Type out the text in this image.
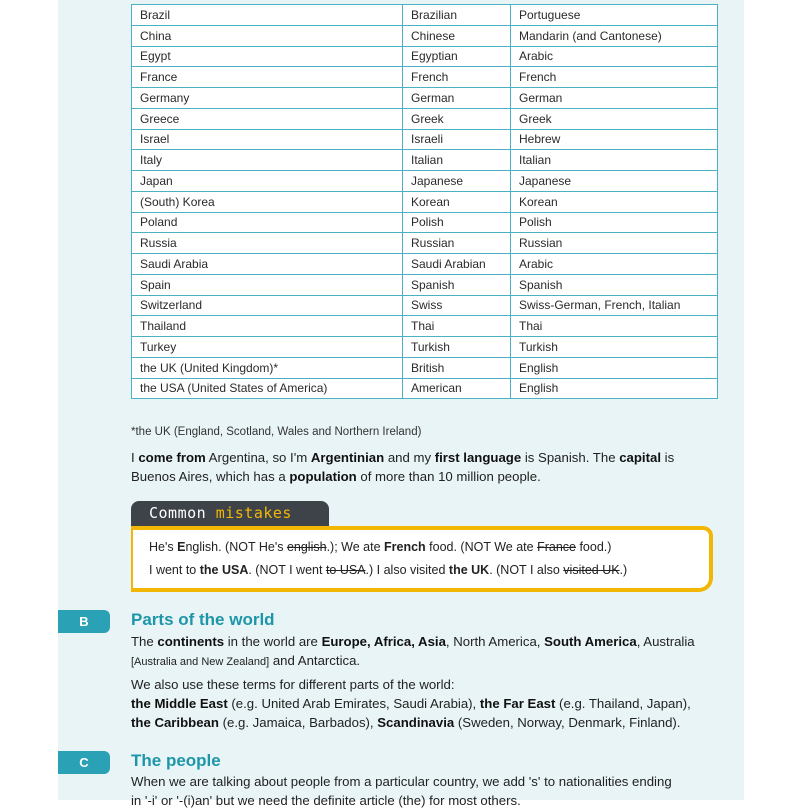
Brazil	Brazilian	Portuguese
China	Chinese	Mandarin (and Cantonese)
Egypt	Egyptian	Arabic
France	French	French
Germany	German	German
Greece	Greek	Greek
Israel	Israeli	Hebrew
Italy	Italian	Italian
Japan	Japanese	Japanese
(South) Korea	Korean	Korean
Poland	Polish	Polish
Russia	Russian	Russian
Saudi Arabia	Saudi Arabian	Arabic
Spain	Spanish	Spanish
Switzerland	Swiss	Swiss-German, French, Italian
Thailand	Thai	Thai
Turkey	Turkish	Turkish
the UK (United Kingdom)*	British	English
the USA (United States of America)	American	English
*the UK (England, Scotland, Wales and Northern Ireland)
I come from Argentina, so I'm Argentinian and my first language is Spanish. The capital is Buenos Aires, which has a population of more than 10 million people.
Common mistakes
He's English. (NOT He's english.); We ate French food. (NOT We ate France food.)
I went to the USA. (NOT I went to USA.) I also visited the UK. (NOT I also visited UK.)
B	Parts of the world
The continents in the world are Europe, Africa, Asia, North America, South America, Australia [Australia and New Zealand] and Antarctica.
We also use these terms for different parts of the world:
the Middle East (e.g. United Arab Emirates, Saudi Arabia), the Far East (e.g. Thailand, Japan), the Caribbean (e.g. Jamaica, Barbados), Scandinavia (Sweden, Norway, Denmark, Finland).
C	The people
When we are talking about people from a particular country, we add 's' to nationalities ending
in '-i' or '-(i)an' but we need the definite article (the) for most others.
